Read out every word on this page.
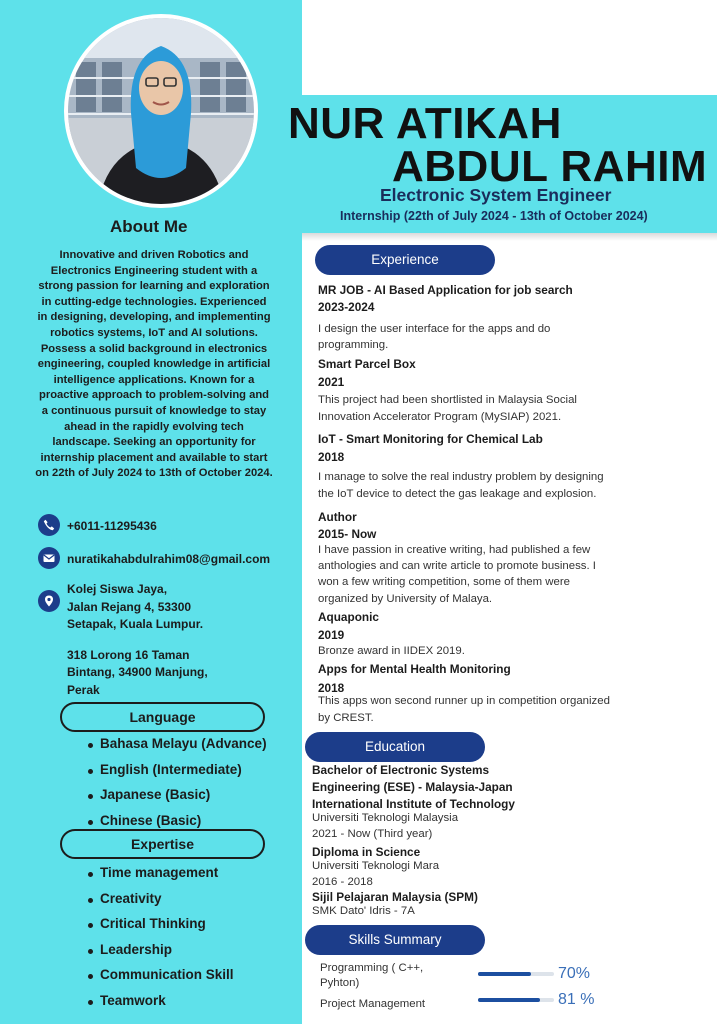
NUR ATIKAH
ABDUL RAHIM
Electronic System Engineer
Internship (22th of July 2024 - 13th of October 2024)
About Me
Innovative and driven Robotics and
Electronics Engineering student with a
strong passion for learning and exploration
in cutting-edge technologies. Experienced
in designing, developing, and implementing
robotics systems, IoT and AI solutions.
Possess a solid background in electronics
engineering, coupled knowledge in artificial
intelligence applications. Known for a
proactive approach to problem-solving and
a continuous pursuit of knowledge to stay
ahead in the rapidly evolving tech
landscape. Seeking an opportunity for
internship placement and available to start
on 22th of July 2024 to 13th of October 2024.
+6011-11295436
nuratikahabdulrahim08@gmail.com
Kolej Siswa Jaya,
Jalan Rejang 4, 53300
Setapak, Kuala Lumpur.
318 Lorong 16 Taman
Bintang, 34900 Manjung,
Perak
Language
Bahasa Melayu (Advance)
English (Intermediate)
Japanese (Basic)
Chinese (Basic)
Expertise
Time management
Creativity
Critical Thinking
Leadership
Communication Skill
Teamwork
Experience
MR JOB - AI Based Application for job search
2023-2024
I design the user interface for the apps and do
programming.
Smart Parcel Box
2021
This project had been shortlisted in Malaysia Social
Innovation Accelerator Program (MySIAP) 2021.
IoT - Smart Monitoring for Chemical Lab
2018
I manage to solve the real industry problem by designing
the IoT device to detect the gas leakage and explosion.
Author
2015- Now
I have passion in creative writing, had published a few
anthologies and can write article to promote business. I
won a few writing competition, some of them were
organized by University of Malaya.
Aquaponic
2019
Bronze award in IIDEX 2019.
Apps for Mental Health Monitoring
2018
This apps won second runner up in competition organized
by CREST.
Education
Bachelor of Electronic Systems
Engineering (ESE) - Malaysia-Japan
International Institute of Technology
Universiti Teknologi Malaysia
2021 - Now (Third year)
Diploma in Science
Universiti Teknologi Mara
2016 - 2018
Sijil Pelajaran Malaysia (SPM)
SMK Dato' Idris - 7A
Skills Summary
Programming ( C++,
Pyhton)
70%
Project Management	81 %
